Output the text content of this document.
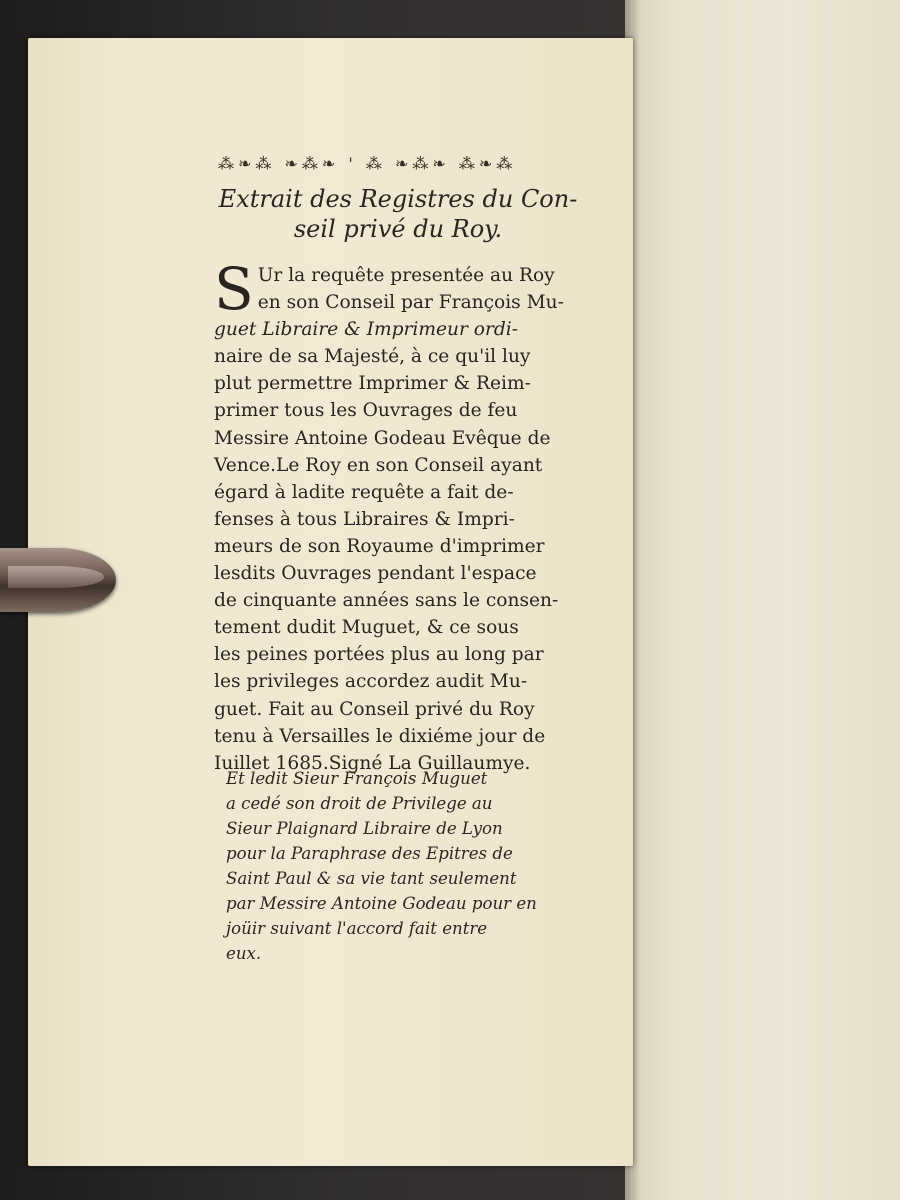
⁂❧⁂ ❧⁂❧ ' ⁂ ❧⁂❧ ⁂❧⁂
Extrait des Registres du Con-
seil privé du Roy.
S Ur la requête presentée au Roy
en son Conseil par François Mu-
guet Libraire & Imprimeur ordi-
naire de sa Majesté, à ce qu'il luy
plut permettre Imprimer & Reim-
primer tous les Ouvrages de feu
Messire Antoine Godeau Evêque de
Vence.Le Roy en son Conseil ayant
égard à ladite requête a fait de-
fenses à tous Libraires & Impri-
meurs de son Royaume d'imprimer
lesdits Ouvrages pendant l'espace
de cinquante années sans le consen-
tement dudit Muguet, & ce sous
les peines portées plus au long par
les privileges accordez audit Mu-
guet. Fait au Conseil privé du Roy
tenu à Versailles le dixiéme jour de
Iuillet 1685.Signé La Guillaumye.
Et ledit Sieur François Muguet
a cedé son droit de Privilege au
Sieur Plaignard Libraire de Lyon
pour la Paraphrase des Epitres de
Saint Paul & sa vie tant seulement
par Messire Antoine Godeau pour en
joüir suivant l'accord fait entre
eux.
